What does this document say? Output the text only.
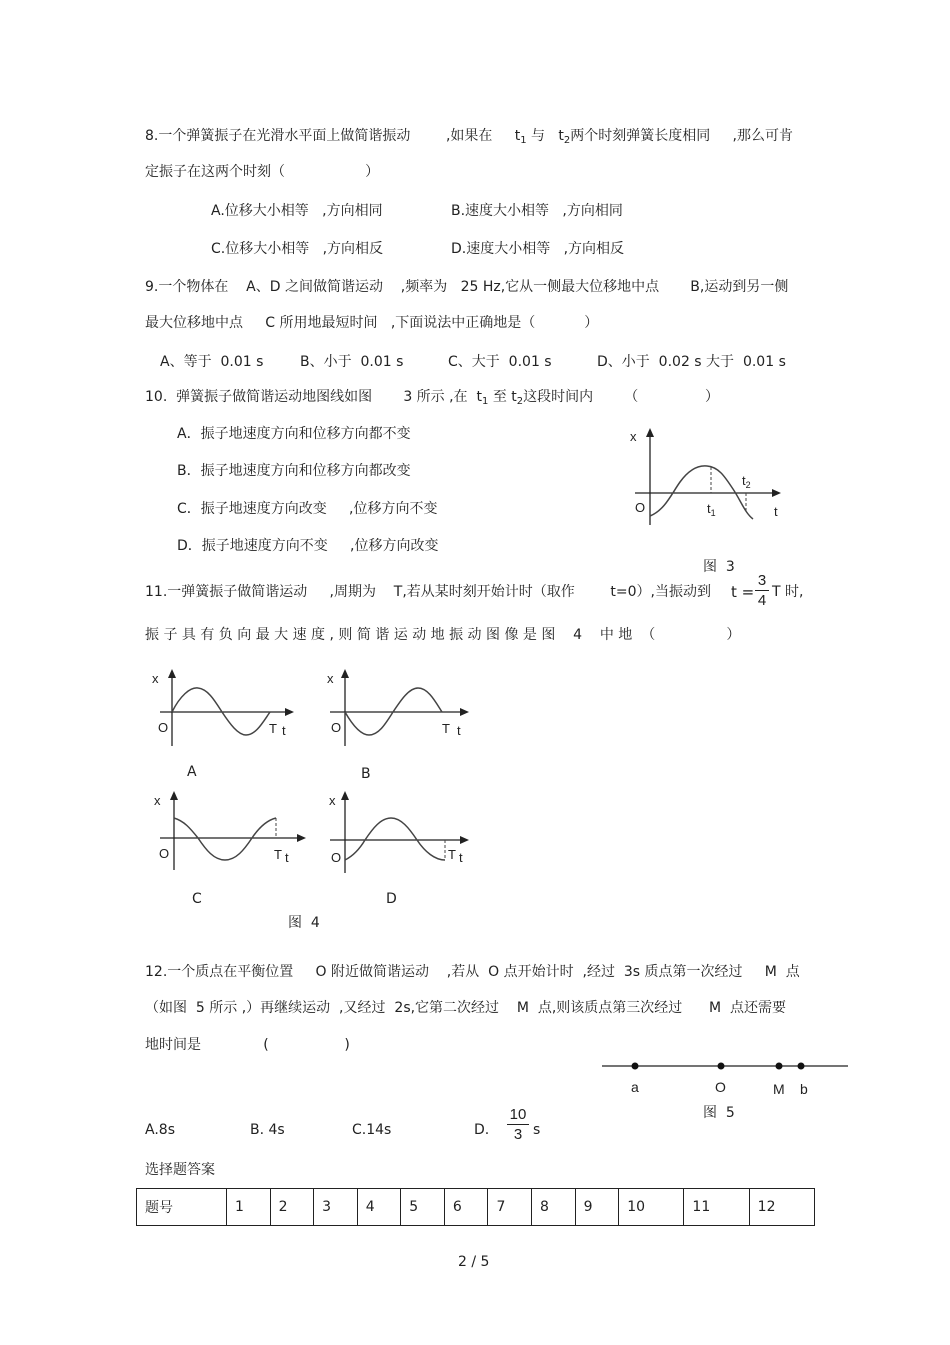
8.一个弹簧振子在光滑水平面上做简谐振动	,如果在 $t_1$ 与 $t_2$两个时刻弹簧长度相同 ,那么可肯
定振子在这两个时刻（                  ）
A.位移大小相等   ,方向相同	B.速度大小相等   ,方向相同
C.位移大小相等   ,方向相反	D.速度大小相等   ,方向相反
9.一个物体在    A、D 之间做简谐运动    ,频率为   25 Hz,它从一侧最大位移地中点       B,运动到另一侧
最大位移地中点     C 所用地最短时间   ,下面说法中正确地是（           ）
A、等于  0.01 s	B、小于  0.01 s	C、大于  0.01 s	D、小于  0.02 s 大于  0.01 s
10.  弹簧振子做简谐运动地图线如图       3 所示 ,在 $t_1$ 至 $t_2$这段时间内       （               ）
A．振子地速度方向和位移方向都不变
B．振子地速度方向和位移方向都改变
C．振子地速度方向改变     ,位移方向不变
D．振子地速度方向不变     ,位移方向改变
x
O	t
$t_1$
$t_2$
图  3
11.一弹簧振子做简谐运动     ,周期为    T,若从某时刻开始计时（取作        t=0）,当振动到 t =
3
4 T 时,
振 子 具 有 负 向 最 大 速 度 , 则 简 谐 运 动 地 振 动 图 像 是 图    4    中 地  （                ）
x
O	T t
A
x
O	T t
B
x
O	T t
C
x
O	T t
D
图  4
12.一个质点在平衡位置     O 附近做简谐运动    ,若从  O 点开始计时  ,经过  3s 质点第一次经过     M  点
（如图  5 所示 ,）再继续运动  ,又经过  2s,它第二次经过    M  点,则该质点第三次经过      M  点还需要
地时间是              (                 )
a	O	M b
图  5
A.8s	B. 4s	C.14s	D.
10
3 s
选择题答案
题号	1	2	3	4	5	6	7	8	9	10	11	12
2 / 5
